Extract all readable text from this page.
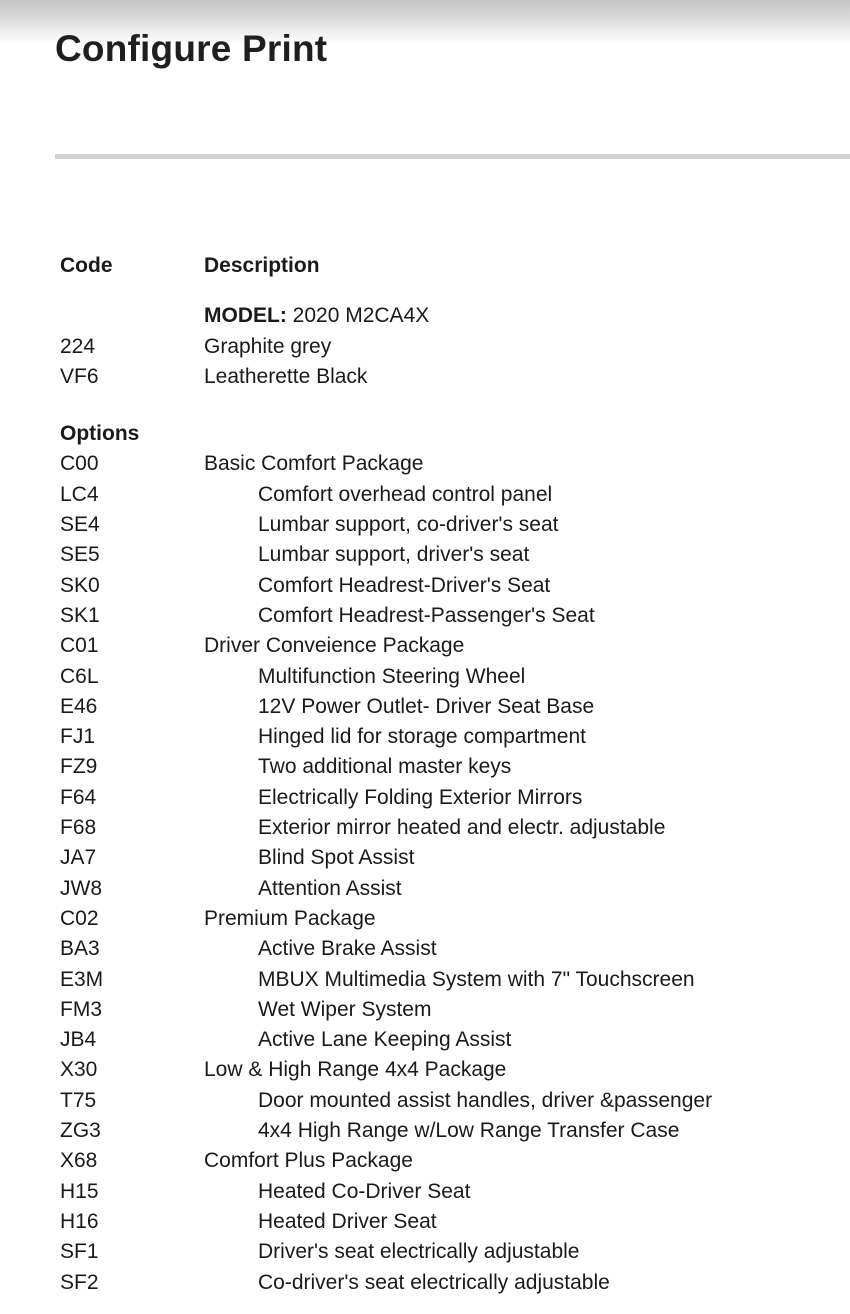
Configure Print
Code	Description
MODEL: 2020 M2CA4X
224	Graphite grey
VF6	Leatherette Black
Options
C00	Basic Comfort Package
LC4	Comfort overhead control panel
SE4	Lumbar support, co-driver's seat
SE5	Lumbar support, driver's seat
SK0	Comfort Headrest-Driver's Seat
SK1	Comfort Headrest-Passenger's Seat
C01	Driver Conveience Package
C6L	Multifunction Steering Wheel
E46	12V Power Outlet- Driver Seat Base
FJ1	Hinged lid for storage compartment
FZ9	Two additional master keys
F64	Electrically Folding Exterior Mirrors
F68	Exterior mirror heated and electr. adjustable
JA7	Blind Spot Assist
JW8	Attention Assist
C02	Premium Package
BA3	Active Brake Assist
E3M	MBUX Multimedia System with 7" Touchscreen
FM3	Wet Wiper System
JB4	Active Lane Keeping Assist
X30	Low & High Range 4x4 Package
T75	Door mounted assist handles, driver &passenger
ZG3	4x4 High Range w/Low Range Transfer Case
X68	Comfort Plus Package
H15	Heated Co-Driver Seat
H16	Heated Driver Seat
SF1	Driver's seat electrically adjustable
SF2	Co-driver's seat electrically adjustable
